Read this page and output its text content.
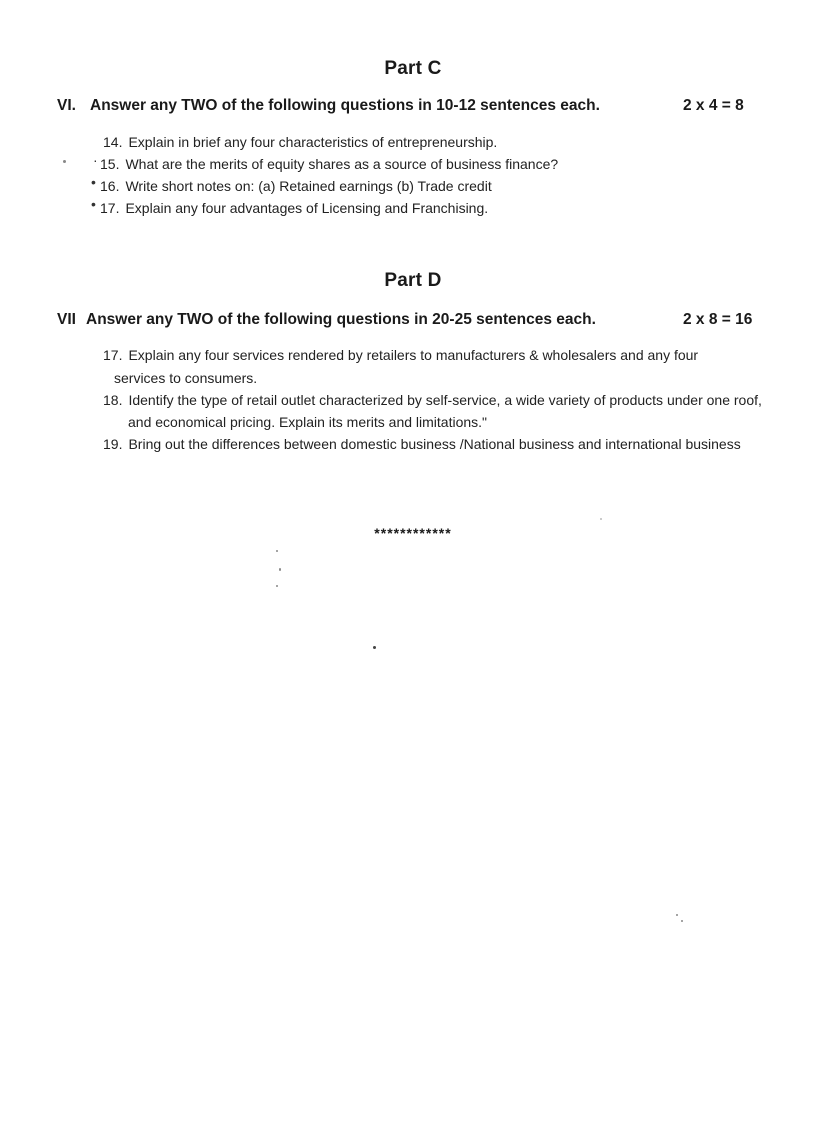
Part C
VI. Answer any TWO of the following questions in 10-12 sentences each.	2 x 4 = 8
·
•
•
14. Explain in brief any four characteristics of entrepreneurship.
15. What are the merits of equity shares as a source of business finance?
16. Write short notes on: (a) Retained earnings (b) Trade credit
17. Explain any four advantages of Licensing and Franchising.
Part D
VII Answer any TWO of the following questions in 20-25 sentences each.	2 x 8 = 16
17. Explain any four services rendered by retailers to manufacturers & wholesalers and any four
services to consumers.
18. Identify the type of retail outlet characterized by self-service, a wide variety of products under one roof,
and economical pricing. Explain its merits and limitations."
19. Bring out the differences between domestic business /National business and international business
************
